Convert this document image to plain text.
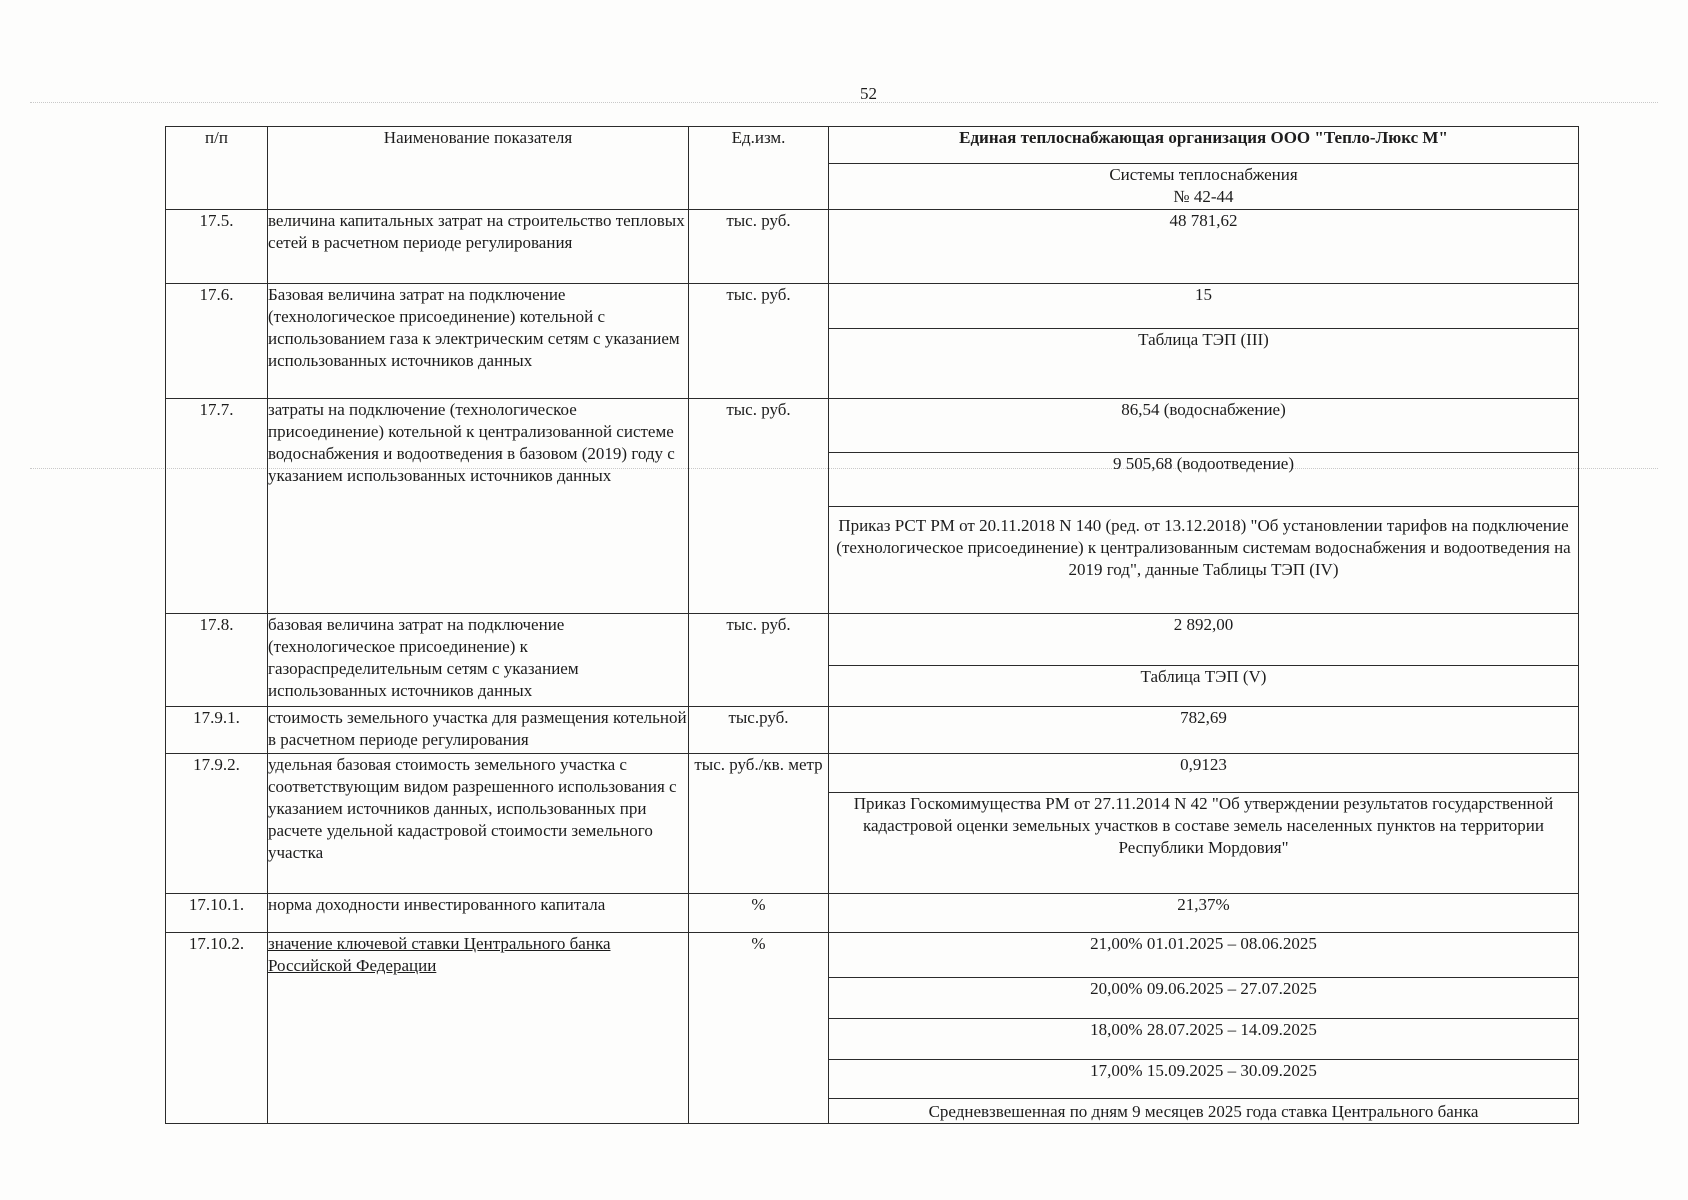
52
п/п	Наименование показателя	Ед.изм.	Единая теплоснабжающая организация ООО "Тепло-Люкс М"

			Системы теплоснабжения
№ 42-44

17.5.	величина капитальных затрат на строительство тепловых сетей в расчетном периоде регулирования	тыс. руб.	48 781,62
17.6.	Базовая величина затрат на подключение (технологическое присоединение) котельной с использованием газа к электрическим сетям с указанием использованных источников данных	тыс. руб.	15
			Таблица ТЭП (III)
17.7.	затраты на подключение (технологическое присоединение) котельной к централизованной системе водоснабжения и водоотведения в базовом (2019) году с указанием использованных источников данных	тыс. руб.	86,54 (водоснабжение)
			9 505,68 (водоотведение)
			Приказ РСТ РМ от 20.11.2018 N 140 (ред. от 13.12.2018) "Об установлении тарифов на подключение (технологическое присоединение) к централизованным системам водоснабжения и водоотведения на 2019 год", данные Таблицы ТЭП (IV)
17.8.	базовая величина затрат на подключение (технологическое присоединение) к газораспределительным сетям с указанием использованных источников данных	тыс. руб.	2 892,00
			Таблица ТЭП (V)
17.9.1.	стоимость земельного участка для размещения котельной в расчетном периоде регулирования	тыс.руб.	782,69
17.9.2.	удельная базовая стоимость земельного участка с соответствующим видом разрешенного использования с указанием источников данных, использованных при расчете удельной кадастровой стоимости земельного участка	тыс. руб./кв. метр	0,9123
			Приказ Госкомимущества РМ от 27.11.2014 N 42 "Об утверждении результатов государственной кадастровой оценки земельных участков в составе земель населенных пунктов на территории Республики Мордовия"
17.10.1.	норма доходности инвестированного капитала	%	21,37%
17.10.2.	значение ключевой ставки Центрального банка Российской Федерации	%	21,00% 01.01.2025 – 08.06.2025
			20,00% 09.06.2025 – 27.07.2025
			18,00% 28.07.2025 – 14.09.2025
			17,00% 15.09.2025 – 30.09.2025
			Средневзвешенная по дням 9 месяцев 2025 года ставка Центрального банка
